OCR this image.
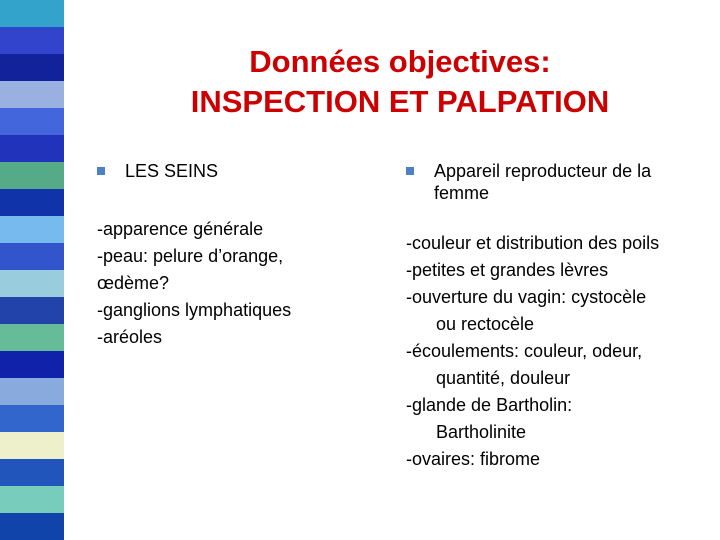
Données objectives:
INSPECTION ET PALPATION
LES SEINS
-apparence générale
-peau: pelure d’orange,
œdème?
-ganglions lymphatiques
-aréoles
Appareil reproducteur de la femme
-couleur et distribution des poils
-petites et grandes lèvres
-ouverture du vagin: cystocèle
ou rectocèle
-écoulements: couleur, odeur,
quantité, douleur
-glande de Bartholin:
Bartholinite
-ovaires: fibrome
